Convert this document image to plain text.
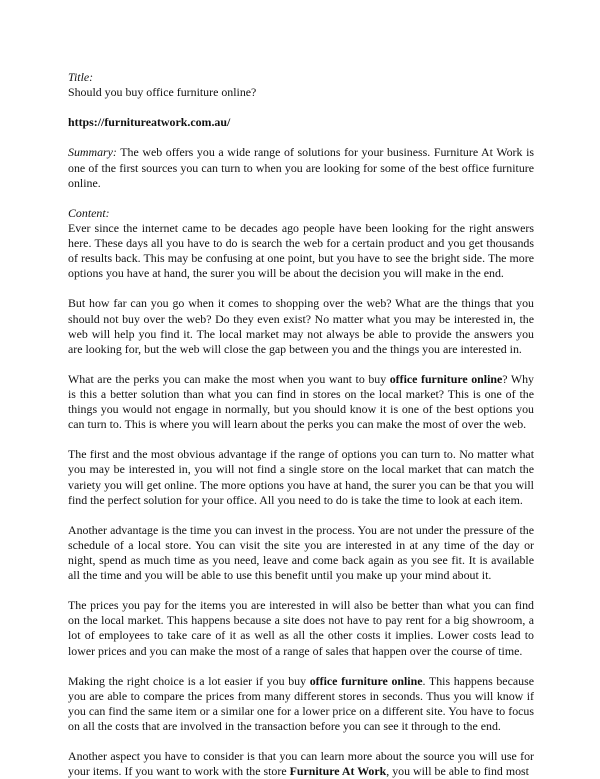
Title:
Should you buy office furniture online?

https://furnitureatwork.com.au/

Summary: The web offers you a wide range of solutions for your business. Furniture At Work is one of the first sources you can turn to when you are looking for some of the best office furniture online.

Content:
Ever since the internet came to be decades ago people have been looking for the right answers here. These days all you have to do is search the web for a certain product and you get thousands of results back. This may be confusing at one point, but you have to see the bright side. The more options you have at hand, the surer you will be about the decision you will make in the end.

But how far can you go when it comes to shopping over the web? What are the things that you should not buy over the web? Do they even exist? No matter what you may be interested in, the web will help you find it. The local market may not always be able to provide the answers you are looking for, but the web will close the gap between you and the things you are interested in.

What are the perks you can make the most when you want to buy office furniture online? Why is this a better solution than what you can find in stores on the local market? This is one of the things you would not engage in normally, but you should know it is one of the best options you can turn to. This is where you will learn about the perks you can make the most of over the web.

The first and the most obvious advantage if the range of options you can turn to. No matter what you may be interested in, you will not find a single store on the local market that can match the variety you will get online. The more options you have at hand, the surer you can be that you will find the perfect solution for your office. All you need to do is take the time to look at each item.

Another advantage is the time you can invest in the process. You are not under the pressure of the schedule of a local store. You can visit the site you are interested in at any time of the day or night, spend as much time as you need, leave and come back again as you see fit. It is available all the time and you will be able to use this benefit until you make up your mind about it.

The prices you pay for the items you are interested in will also be better than what you can find on the local market. This happens because a site does not have to pay rent for a big showroom, a lot of employees to take care of it as well as all the other costs it implies. Lower costs lead to lower prices and you can make the most of a range of sales that happen over the course of time.

Making the right choice is a lot easier if you buy office furniture online. This happens because you are able to compare the prices from many different stores in seconds. Thus you will know if you can find the same item or a similar one for a lower price on a different site. You have to focus on all the costs that are involved in the transaction before you can see it through to the end.

Another aspect you have to consider is that you can learn more about the source you will use for your items. If you want to work with the store Furniture At Work, you will be able to find most
